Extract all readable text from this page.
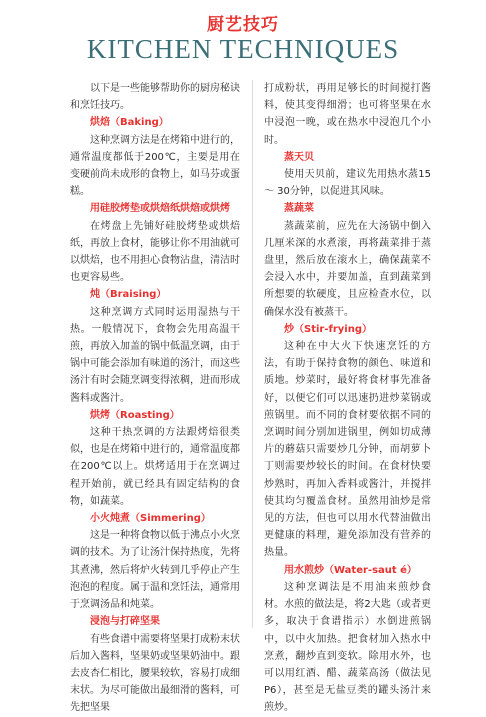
厨艺技巧
KITCHEN TECHNIQUES

以下是一些能够帮助你的厨房秘诀和烹饪技巧。

烘焙（Baking）

这种烹调方法是在烤箱中进行的，通常温度都低于200℃，主要是用在变硬前尚未成形的食物上，如马芬或蛋糕。

用硅胶烤垫或烘焙纸烘焙或烘烤

在烤盘上先铺好硅胶烤垫或烘焙纸，再放上食材，能够让你不用油就可以烘焙，也不用担心食物沾盘，清洁时也更容易些。

炖（Braising）

这种烹调方式同时运用湿热与干热。一般情况下，食物会先用高温干煎，再放入加盖的锅中低温烹调，由于锅中可能会添加有味道的汤汁，而这些汤汁有时会随烹调变得浓稠，进而形成酱料或酱汁。

烘烤（Roasting）

这种干热烹调的方法跟烤焙很类似，也是在烤箱中进行的，通常温度都在200℃以上。烘烤适用于在烹调过程开始前，就已经具有固定结构的食物，如蔬菜。

小火炖煮（Simmering）

这是一种将食物以低于沸点小火烹调的技术。为了让汤汁保持热度，先将其煮沸，然后将炉火转到几乎停止产生泡泡的程度。属于温和烹饪法，通常用于烹调汤品和炖菜。

浸泡与打碎坚果

有些食谱中需要将坚果打成粉末状后加入酱料，坚果奶或坚果奶油中。跟去皮杏仁相比，腰果较软，容易打成细末状。为尽可能做出最细滑的酱料，可先把坚果

打成粉状，再用足够长的时间搅打酱料，使其变得细滑；也可将坚果在水中浸泡一晚，或在热水中浸泡几个小时。

蒸天贝

使用天贝前，建议先用热水蒸15 ～ 30分钟，以促进其风味。

蒸蔬菜

蒸蔬菜前，应先在大汤锅中倒入几厘米深的水煮滚，再将蔬菜排于蒸盘里，然后放在滚水上，确保蔬菜不会浸入水中，并要加盖，直到蔬菜到所想要的软硬度，且应检查水位，以确保水没有被蒸干。

炒（Stir-frying）

这种在中大火下快速烹饪的方法，有助于保持食物的颜色、味道和质地。炒菜时，最好将食材事先准备好，以便它们可以迅速扔进炒菜锅或煎锅里。而不同的食材要依据不同的烹调时间分别加进锅里，例如切成薄片的蘑菇只需要炒几分钟，而胡萝卜丁则需要炒较长的时间。在食材快要炒熟时，再加入香料或酱汁，并搅拌使其均匀覆盖食材。虽然用油炒是常见的方法，但也可以用水代替油做出更健康的料理，避免添加没有营养的热量。

用水煎炒（Water-saut é）

这种烹调法是不用油来煎炒食材。水煎的做法是，将2大匙（或者更多，取决于食谱指示）水倒进煎锅中，以中火加热。把食材加入热水中烹煮，翻炒直到变软。除用水外，也可以用红酒、醋、蔬菜高汤（做法见P6），甚至是无盐豆类的罐头汤汁来煎炒。
